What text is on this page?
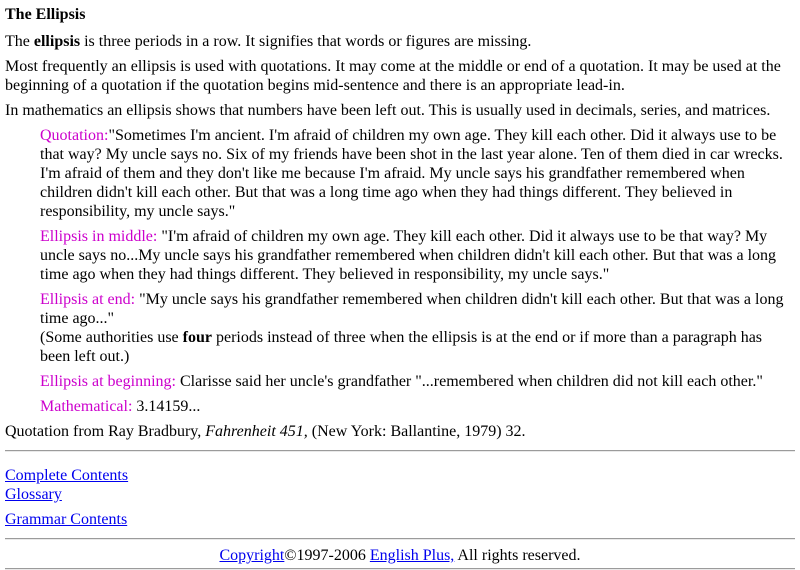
The Ellipsis

The ellipsis is three periods in a row. It signifies that words or figures are missing.

Most frequently an ellipsis is used with quotations. It may come at the middle or end of a quotation. It may be used at the beginning of a quotation if the quotation begins mid-sentence and there is an appropriate lead-in.

In mathematics an ellipsis shows that numbers have been left out. This is usually used in decimals, series, and matrices.

Quotation:"Sometimes I'm ancient. I'm afraid of children my own age. They kill each other. Did it always use to be that way? My uncle says no. Six of my friends have been shot in the last year alone. Ten of them died in car wrecks. I'm afraid of them and they don't like me because I'm afraid. My uncle says his grandfather remembered when children didn't kill each other. But that was a long time ago when they had things different. They believed in responsibility, my uncle says."
Ellipsis in middle: "I'm afraid of children my own age. They kill each other. Did it always use to be that way? My uncle says no...My uncle says his grandfather remembered when children didn't kill each other. But that was a long time ago when they had things different. They believed in responsibility, my uncle says."
Ellipsis at end: "My uncle says his grandfather remembered when children didn't kill each other. But that was a long time ago..."
(Some authorities use four periods instead of three when the ellipsis is at the end or if more than a paragraph has been left out.)
Ellipsis at beginning: Clarisse said her uncle's grandfather "...remembered when children did not kill each other."
Mathematical: 3.14159...

Quotation from Ray Bradbury, Fahrenheit 451, (New York: Ballantine, 1979) 32.

Complete Contents
Glossary

Grammar Contents

Copyright©1997-2006 English Plus, All rights reserved.
